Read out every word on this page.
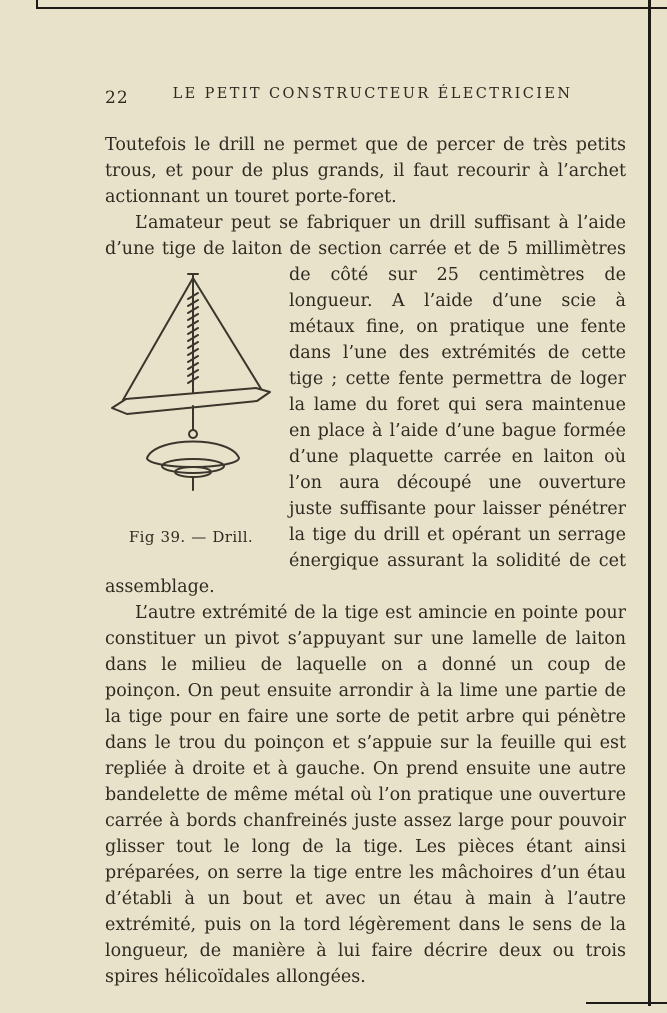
22	LE PETIT CONSTRUCTEUR ÉLECTRICIEN

Toutefois le drill ne permet que de percer de très petits trous, et pour de plus grands, il faut recourir à l’archet actionnant un touret porte-foret.

L’amateur peut se fabriquer un drill suffisant à l’aide d’une tige de laiton de section carrée et de 5 millimètres
Fig 39. — Drill.
de côté sur 25 centimètres de longueur. A l’aide d’une scie à métaux fine, on pratique une fente dans l’une des extrémités de cette tige ; cette fente permettra de loger la lame du foret qui sera maintenue en place à l’aide d’une bague formée d’une plaquette carrée en laiton où l’on aura découpé une ouverture juste suffisante pour laisser pénétrer la tige du drill et opérant un serrage énergique assurant la solidité de cet assemblage.

L’autre extrémité de la tige est amincie en pointe pour constituer un pivot s’appuyant sur une lamelle de laiton dans le milieu de laquelle on a donné un coup de poinçon. On peut ensuite arrondir à la lime une partie de la tige pour en faire une sorte de petit arbre qui pénètre dans le trou du poinçon et s’appuie sur la feuille qui est repliée à droite et à gauche. On prend ensuite une autre bandelette de même métal où l’on pratique une ouverture carrée à bords chanfreinés juste assez large pour pouvoir glisser tout le long de la tige. Les pièces étant ainsi préparées, on serre la tige entre les mâchoires d’un étau d’établi à un bout et avec un étau à main à l’autre extrémité, puis on la tord légèrement dans le sens de la longueur, de manière à lui faire décrire deux ou trois spires hélicoïdales allongées.
